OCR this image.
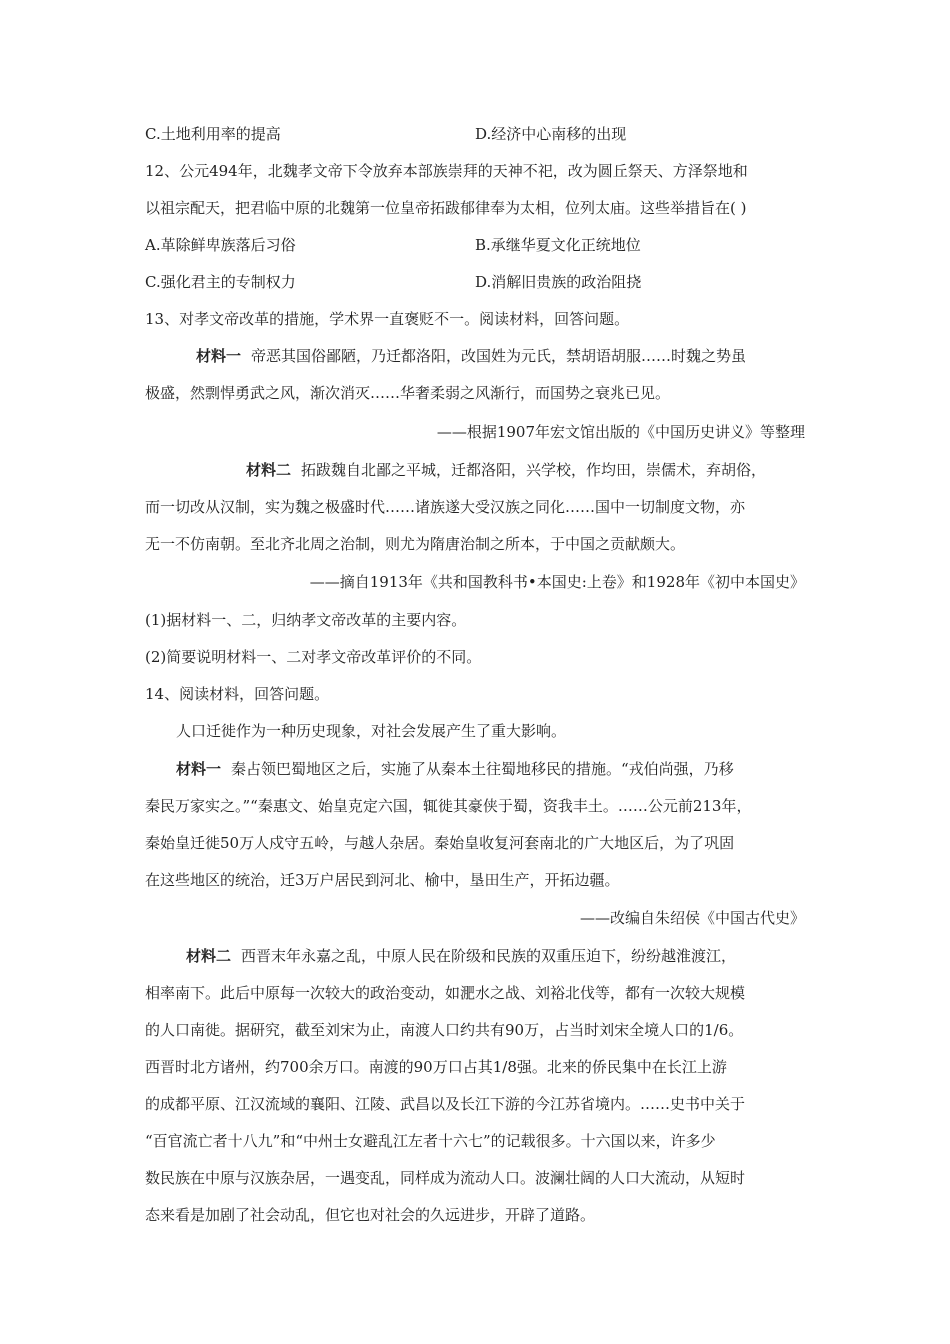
C.土地利用率的提高	D.经济中心南移的出现
12、公元494年，北魏孝文帝下令放弃本部族崇拜的天神不祀，改为圆丘祭天、方泽祭地和
以祖宗配天，把君临中原的北魏第一位皇帝拓跋郁律奉为太相，位列太庙。这些举措旨在( )
A.革除鲜卑族落后习俗	B.承继华夏文化正统地位
C.强化君主的专制权力	D.消解旧贵族的政治阻挠
13、对孝文帝改革的措施，学术界一直褒贬不一。阅读材料，回答问题。
材料一 帝恶其国俗鄙陋，乃迁都洛阳，改国姓为元氏，禁胡语胡服……时魏之势虽
极盛，然剽悍勇武之风，渐次消灭……华奢柔弱之风渐行，而国势之衰兆已见。
——根据1907年宏文馆出版的《中国历史讲义》等整理
材料二 拓跋魏自北鄙之平城，迁都洛阳，兴学校，作均田，崇儒术，弃胡俗，
而一切改从汉制，实为魏之极盛时代……诸族遂大受汉族之同化……国中一切制度文物，亦
无一不仿南朝。至北齐北周之治制，则尤为隋唐治制之所本，于中国之贡献颇大。
——摘自1913年《共和国教科书•本国史:上卷》和1928年《初中本国史》
(1)据材料一、二，归纳孝文帝改革的主要内容。
(2)简要说明材料一、二对孝文帝改革评价的不同。
14、阅读材料，回答问题。
人口迁徙作为一种历史现象，对社会发展产生了重大影响。
材料一 秦占领巴蜀地区之后，实施了从秦本土往蜀地移民的措施。“戎伯尚强，乃移
秦民万家实之。”“秦惠文、始皇克定六国，辄徙其豪侠于蜀，资我丰土。……公元前213年，
秦始皇迁徙50万人戍守五岭，与越人杂居。秦始皇收复河套南北的广大地区后，为了巩固
在这些地区的统治，迁3万户居民到河北、榆中，垦田生产，开拓边疆。
——改编自朱绍侯《中国古代史》
材料二 西晋末年永嘉之乱，中原人民在阶级和民族的双重压迫下，纷纷越淮渡江，
相率南下。此后中原每一次较大的政治变动，如淝水之战、刘裕北伐等，都有一次较大规模
的人口南徙。据研究，截至刘宋为止，南渡人口约共有90万，占当时刘宋全境人口的1/6。
西晋时北方诸州，约700余万口。南渡的90万口占其1/8强。北来的侨民集中在长江上游
的成都平原、江汉流域的襄阳、江陵、武昌以及长江下游的今江苏省境内。……史书中关于
“百官流亡者十八九”和“中州士女避乱江左者十六七”的记载很多。十六国以来，许多少
数民族在中原与汉族杂居，一遇变乱，同样成为流动人口。波澜壮阔的人口大流动，从短时
态来看是加剧了社会动乱，但它也对社会的久远进步，开辟了道路。
